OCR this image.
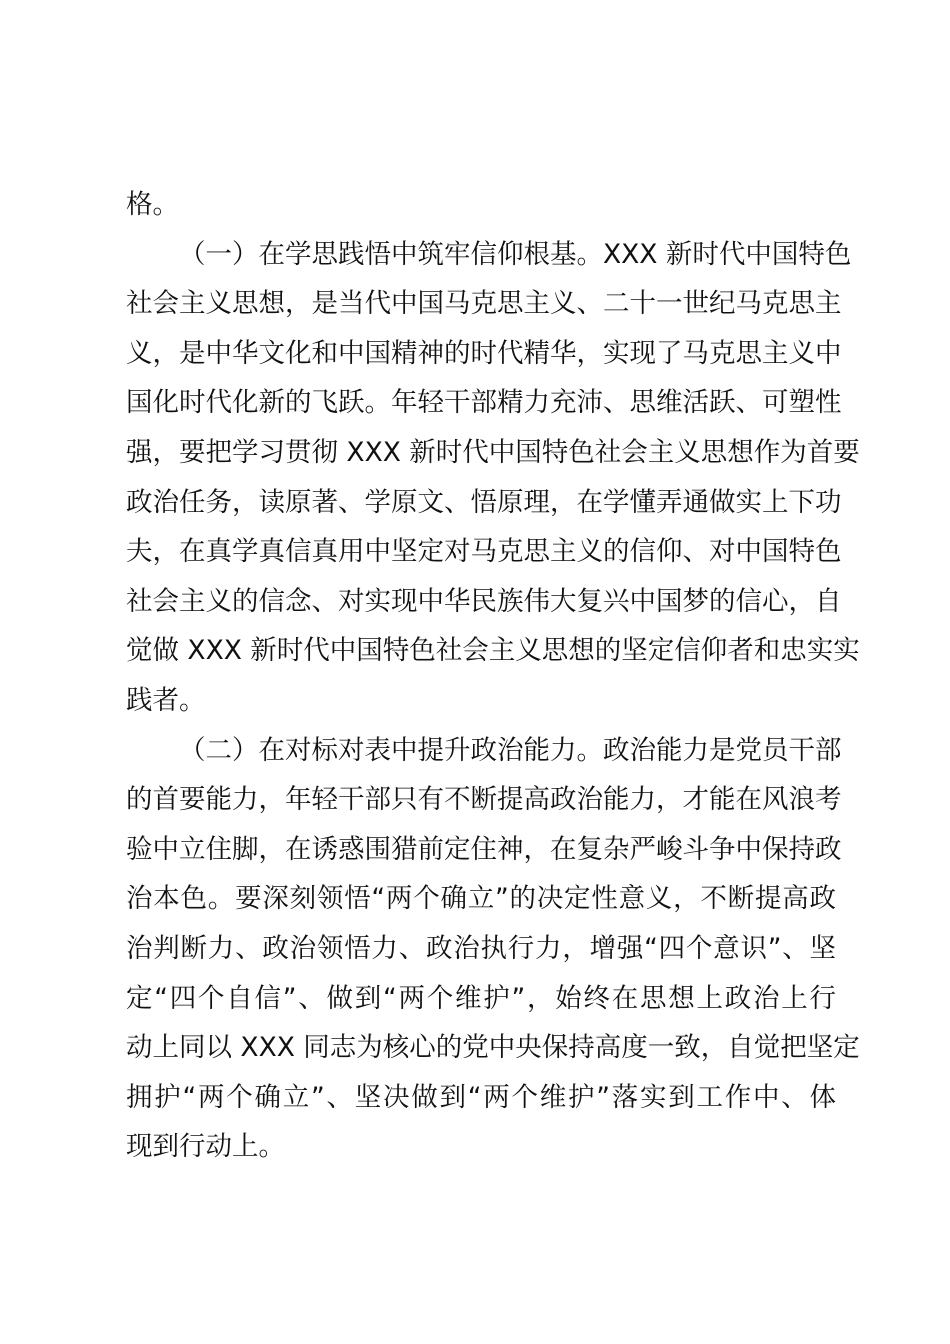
格。
（一）在学思践悟中筑牢信仰根基。XXX 新时代中国特色
社会主义思想，是当代中国马克思主义、二十一世纪马克思主
义，是中华文化和中国精神的时代精华，实现了马克思主义中
国化时代化新的飞跃。年轻干部精力充沛、思维活跃、可塑性
强，要把学习贯彻 XXX 新时代中国特色社会主义思想作为首要
政治任务，读原著、学原文、悟原理，在学懂弄通做实上下功
夫，在真学真信真用中坚定对马克思主义的信仰、对中国特色
社会主义的信念、对实现中华民族伟大复兴中国梦的信心，自
觉做 XXX 新时代中国特色社会主义思想的坚定信仰者和忠实实
践者。
（二）在对标对表中提升政治能力。政治能力是党员干部
的首要能力，年轻干部只有不断提高政治能力，才能在风浪考
验中立住脚，在诱惑围猎前定住神，在复杂严峻斗争中保持政
治本色。要深刻领悟“两个确立”的决定性意义，不断提高政
治判断力、政治领悟力、政治执行力，增强“四个意识”、坚
定“四个自信”、做到“两个维护”，始终在思想上政治上行
动上同以 XXX 同志为核心的党中央保持高度一致，自觉把坚定
拥护“两个确立”、坚决做到“两个维护”落实到工作中、体
现到行动上。
